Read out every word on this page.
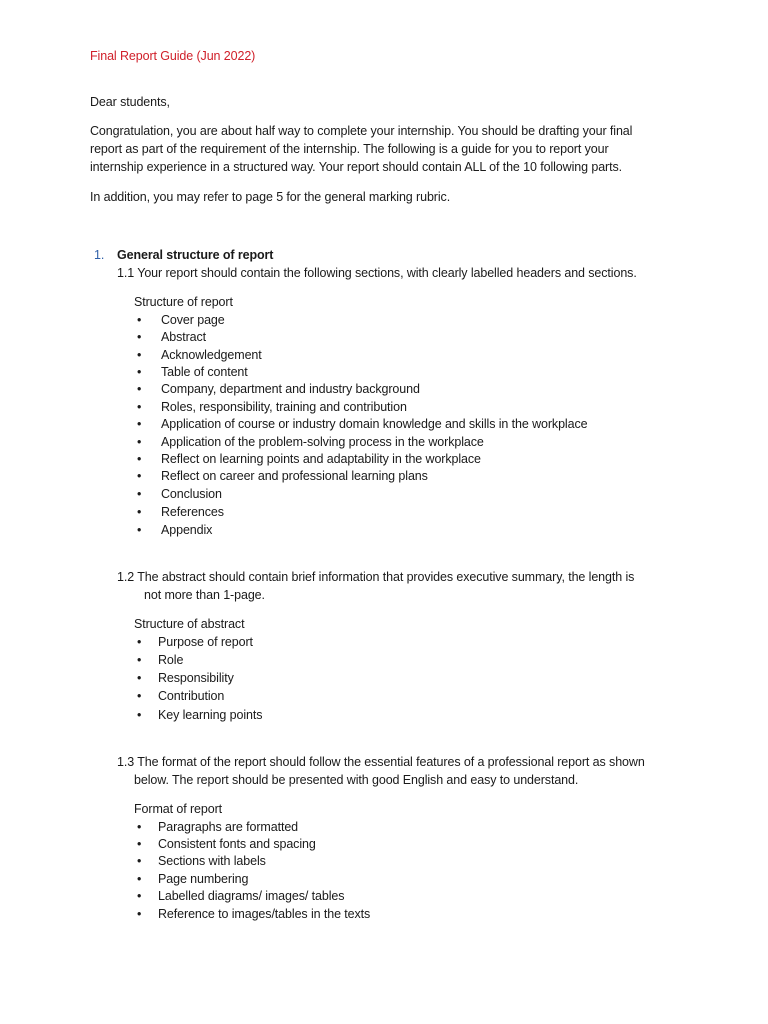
Final Report Guide (Jun 2022)
Dear students,
Congratulation, you are about half way to complete your internship. You should be drafting your final
report as part of the requirement of the internship. The following is a guide for you to report your
internship experience in a structured way. Your report should contain ALL of the 10 following parts.
In addition, you may refer to page 5 for the general marking rubric.
1. General structure of report
1.1 Your report should contain the following sections, with clearly labelled headers and sections.
Structure of report
• Cover page
• Abstract
• Acknowledgement
• Table of content
• Company, department and industry background
• Roles, responsibility, training and contribution
• Application of course or industry domain knowledge and skills in the workplace
• Application of the problem-solving process in the workplace
• Reflect on learning points and adaptability in the workplace
• Reflect on career and professional learning plans
• Conclusion
• References
• Appendix
1.2 The abstract should contain brief information that provides executive summary, the length is
not more than 1-page.
Structure of abstract
• Purpose of report
• Role
• Responsibility
• Contribution
• Key learning points
1.3 The format of the report should follow the essential features of a professional report as shown
below. The report should be presented with good English and easy to understand.
Format of report
• Paragraphs are formatted
• Consistent fonts and spacing
• Sections with labels
• Page numbering
• Labelled diagrams/ images/ tables
• Reference to images/tables in the texts
